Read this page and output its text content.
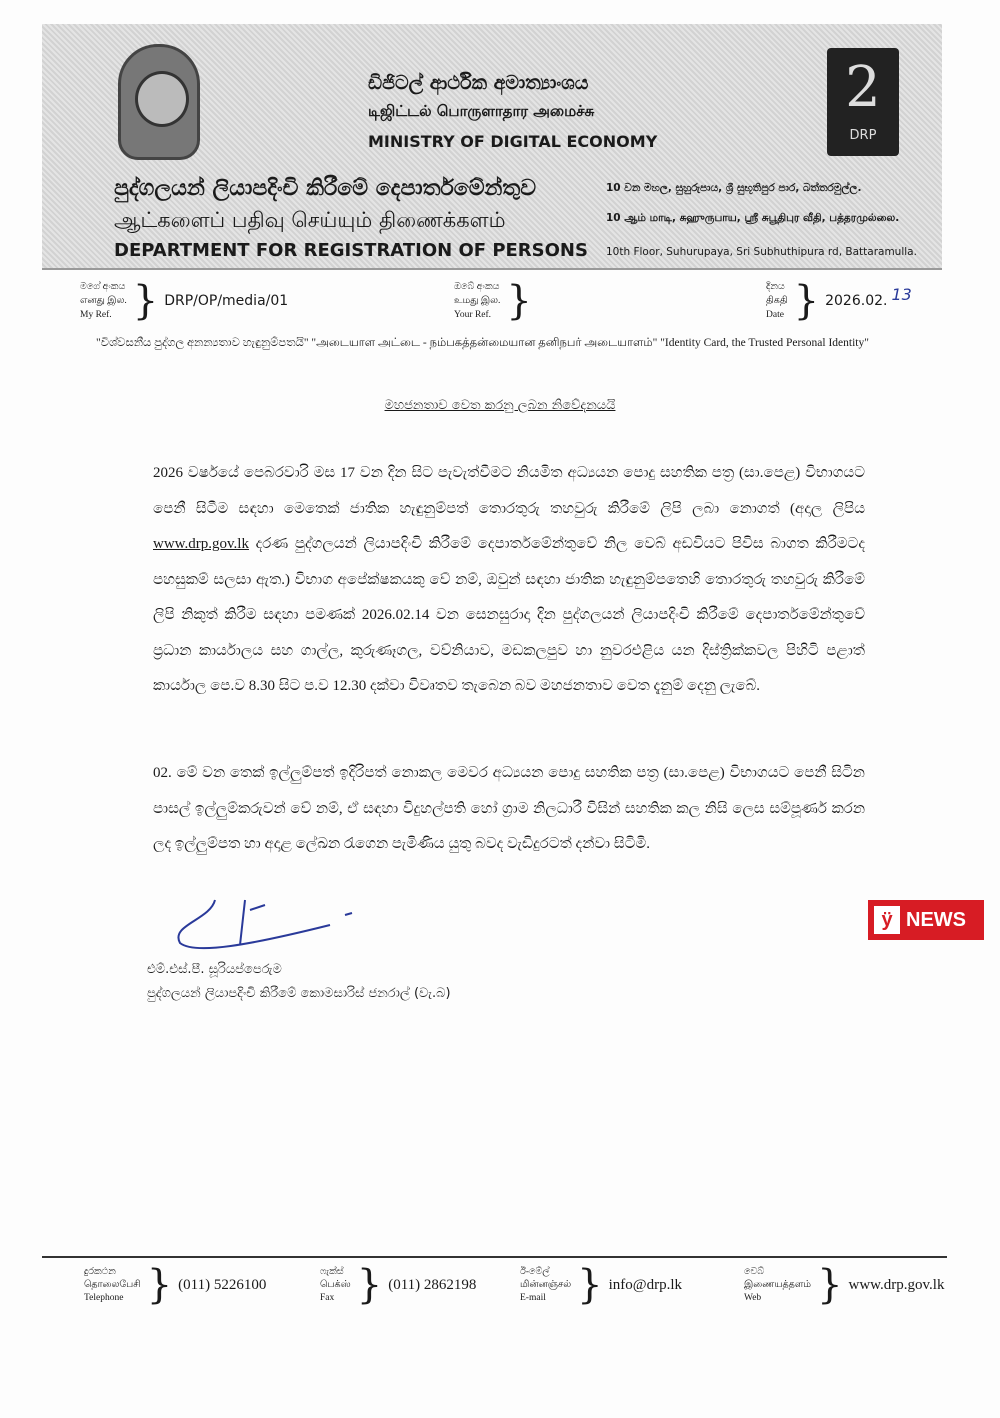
ඩිජිටල් ආර්ථික අමාත්‍යාංශය
டிஜிட்டல் பொருளாதார அமைச்சு
MINISTRY OF DIGITAL ECONOMY
2
DRP
පුද්ගලයන් ලියාපදිංචි කිරීමේ දෙපාර්තමේන්තුව
ஆட்களைப் பதிவு செய்யும் திணைக்களம்
DEPARTMENT FOR REGISTRATION OF PERSONS
10 වන මහල, සුහුරුපාය, ශ්‍රී සුභූතිපුර පාර, බත්තරමුල්ල.
10 ஆம் மாடி, சுஹுருபாய, ஸ்ரீ சுபூதிபுர வீதி, பத்தரமுல்லை.
10th Floor, Suhurupaya, Sri Subhuthipura rd, Battaramulla.
මගේ අංකය
எனது இல.
My Ref. } DRP/OP/media/01
ඔබේ අංකය
உமது இல.
Your Ref. }	දිනය
திகதி
Date } 2026.02. 13
"විශ්වසනීය පුද්ගල අනන්‍යතාව හැඳුනුම්පතයි" "அடையாள அட்டை - நம்பகத்தன்மையான தனிநபர் அடையாளம்" "Identity Card, the Trusted Personal Identity"
මහජනතාව වෙත කරනු ලබන නිවේදනයයි
2026 වර්ෂයේ පෙබරවාරි මස 17 වන දින සිට පැවැත්වීමට නියමිත අධ්‍යයන පොදු සහතික පත්‍ර (සා.පෙළ) විභාගයට පෙනී සිටීම සඳහා මෙතෙක් ජාතික හැඳුනුම්පත් තොරතුරු තහවුරු කිරීමේ ලිපි ලබා නොගත් (අදාල ලිපිය www.drp.gov.lk දරණ පුද්ගලයන් ලියාපදිංචි කිරීමේ දෙපාර්තමේන්තුවේ නිල වෙබ් අඩවියට පිවිස බාගත කිරීමටද පහසුකම් සලසා ඇත.) විභාග අපේක්ෂකයකු වේ නම්, ඔවුන් සඳහා ජාතික හැඳුනුම්පතෙහි තොරතුරු තහවුරු කිරීමේ ලිපි නිකුත් කිරීම සඳහා පමණක් 2026.02.14 වන සෙනසුරාදා දින පුද්ගලයන් ලියාපදිංචි කිරීමේ දෙපාර්තමේන්තුවේ ප්‍රධාන කාර්යාලය සහ ගාල්ල, කුරුණෑගල, වව්නියාව, මඩකලපුව හා නුවරඑළිය යන දිස්ත්‍රික්කවල පිහිටි පළාත් කාර්යාල පෙ.ව 8.30 සිට ප.ව 12.30 දක්වා විවෘතව තැබෙන බව මහජනතාව වෙත දැනුම් දෙනු ලැබේ.
02. මේ වන තෙක් ඉල්ලුම්පත් ඉදිරිපත් නොකල මෙවර අධ්‍යයන පොදු සහතික පත්‍ර (සා.පෙළ) විභාගයට පෙනී සිටින පාසල් ඉල්ලුම්කරුවන් වේ නම්, ඒ සඳහා විදුහල්පති හෝ ග්‍රාම නිලධාරී විසින් සහතික කල නිසි ලෙස සම්පූර්ණ කරන ලද ඉල්ලුම්පත හා අදාළ ලේඛන රැගෙන පැමිණිය යුතු බවද වැඩිදුරටත් දන්වා සිටිමි.
එම්.එස්.පී. සූරියප්පෙරුම
පුද්ගලයන් ලියාපදිංචි කිරීමේ කොමසාරිස් ජනරාල් (වැ.බ)
ÿ NEWS
දුරකථන
தொலைபேசி
Telephone } (011) 5226100
ෆැක්ස්
பெக்ஸ்
Fax } (011) 2862198
ඊ-මේල්
மின்னஞ்சல்
E-mail } info@drp.lk
වෙබ්
இணையத்தளம்
Web	} www.drp.gov.lk
